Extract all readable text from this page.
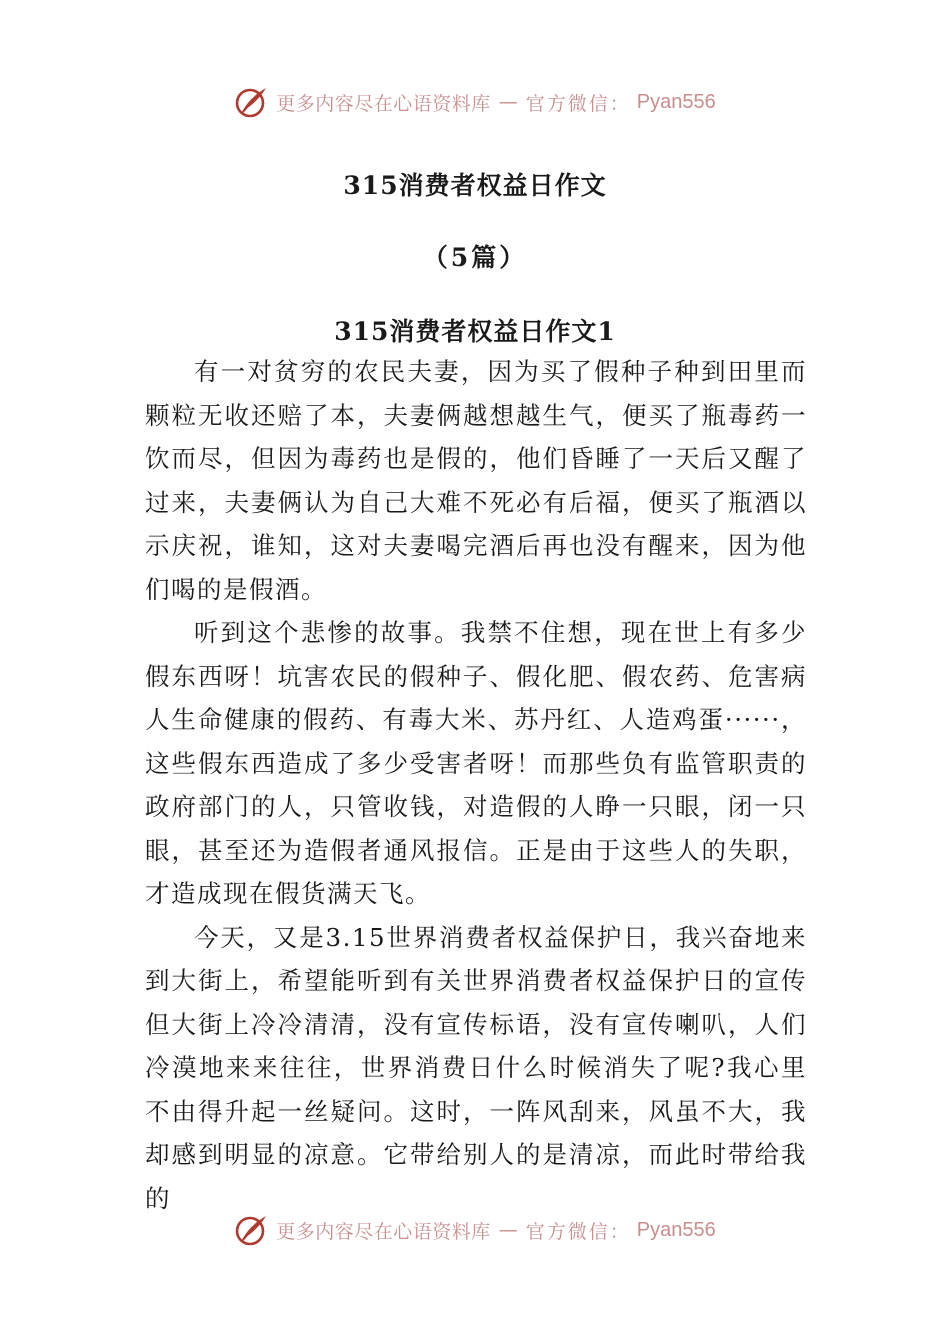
更多内容尽在心语资料库 — 官方微信： Pyan556
315消费者权益日作文
（5篇）
315消费者权益日作文1

有一对贫穷的农民夫妻，因为买了假种子种到田里而颗粒无收还赔了本，夫妻俩越想越生气，便买了瓶毒药一饮而尽，但因为毒药也是假的，他们昏睡了一天后又醒了过来，夫妻俩认为自己大难不死必有后福，便买了瓶酒以示庆祝，谁知，这对夫妻喝完酒后再也没有醒来，因为他们喝的是假酒。

听到这个悲惨的故事。我禁不住想，现在世上有多少假东西呀！坑害农民的假种子、假化肥、假农药、危害病人生命健康的假药、有毒大米、苏丹红、人造鸡蛋······，这些假东西造成了多少受害者呀！而那些负有监管职责的政府部门的人，只管收钱，对造假的人睁一只眼，闭一只眼，甚至还为造假者通风报信。正是由于这些人的失职，才造成现在假货满天飞。

今天，又是3.15世界消费者权益保护日，我兴奋地来到大街上，希望能听到有关世界消费者权益保护日的宣传但大街上冷冷清清，没有宣传标语，没有宣传喇叭，人们冷漠地来来往往，世界消费日什么时候消失了呢?我心里不由得升起一丝疑问。这时，一阵风刮来，风虽不大，我却感到明显的凉意。它带给别人的是清凉，而此时带给我的

更多内容尽在心语资料库 — 官方微信： Pyan556
